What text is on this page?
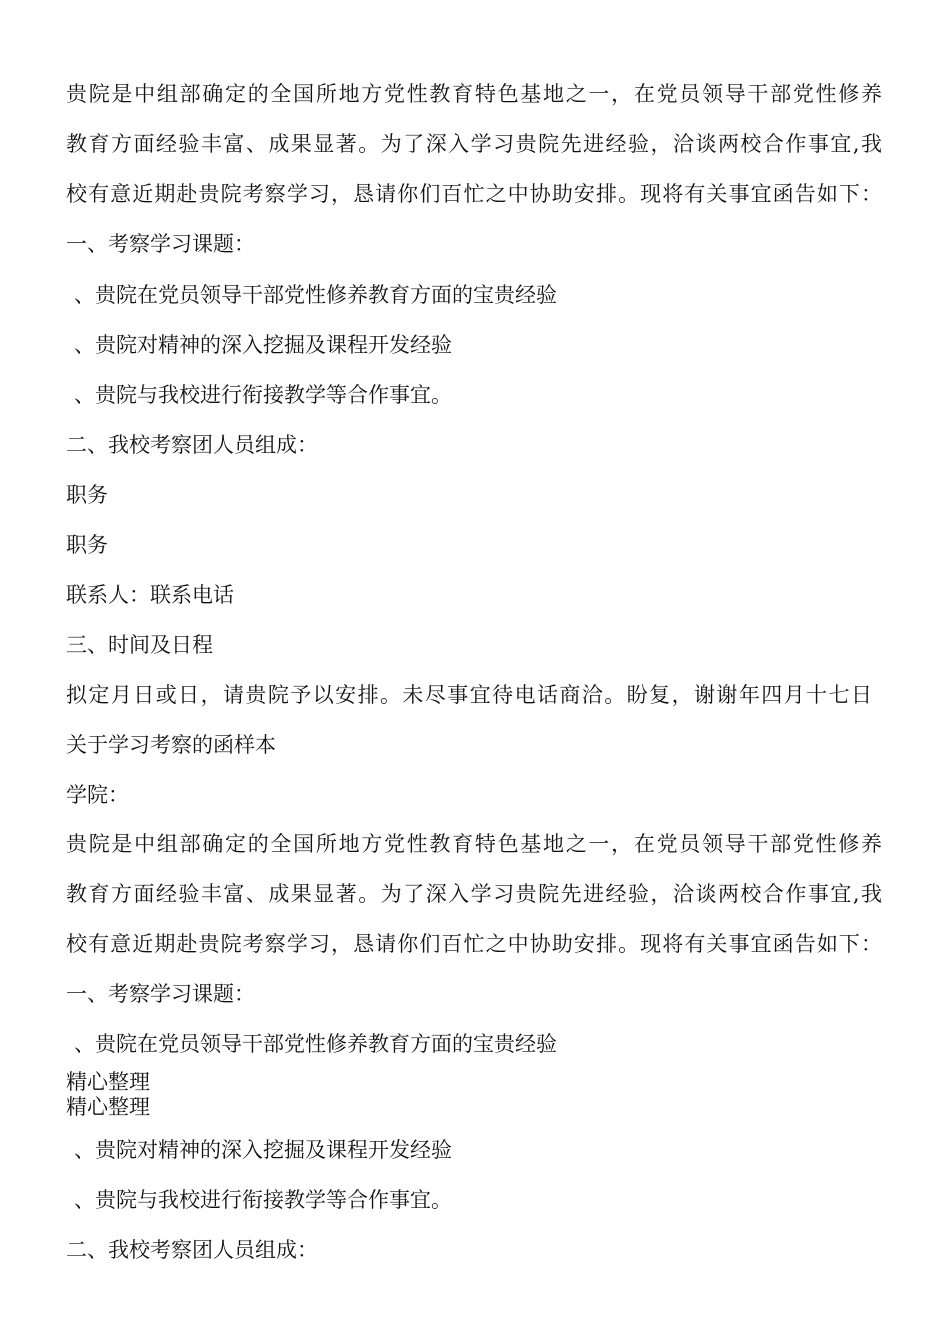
贵院是中组部确定的全国所地方党性教育特色基地之一，在党员领导干部党性修养
教育方面经验丰富、成果显著。为了深入学习贵院先进经验，洽谈两校合作事宜,我
校有意近期赴贵院考察学习，恳请你们百忙之中协助安排。现将有关事宜函告如下：
一、考察学习课题：
、贵院在党员领导干部党性修养教育方面的宝贵经验
、贵院对精神的深入挖掘及课程开发经验
、贵院与我校进行衔接教学等合作事宜。
二、我校考察团人员组成：
职务
职务
联系人：联系电话
三、时间及日程
拟定月日或日，请贵院予以安排。未尽事宜待电话商洽。盼复，谢谢年四月十七日
关于学习考察的函样本
学院：
贵院是中组部确定的全国所地方党性教育特色基地之一，在党员领导干部党性修养
教育方面经验丰富、成果显著。为了深入学习贵院先进经验，洽谈两校合作事宜,我
校有意近期赴贵院考察学习，恳请你们百忙之中协助安排。现将有关事宜函告如下：
一、考察学习课题：
、贵院在党员领导干部党性修养教育方面的宝贵经验
精心整理
精心整理
、贵院对精神的深入挖掘及课程开发经验
、贵院与我校进行衔接教学等合作事宜。
二、我校考察团人员组成：
